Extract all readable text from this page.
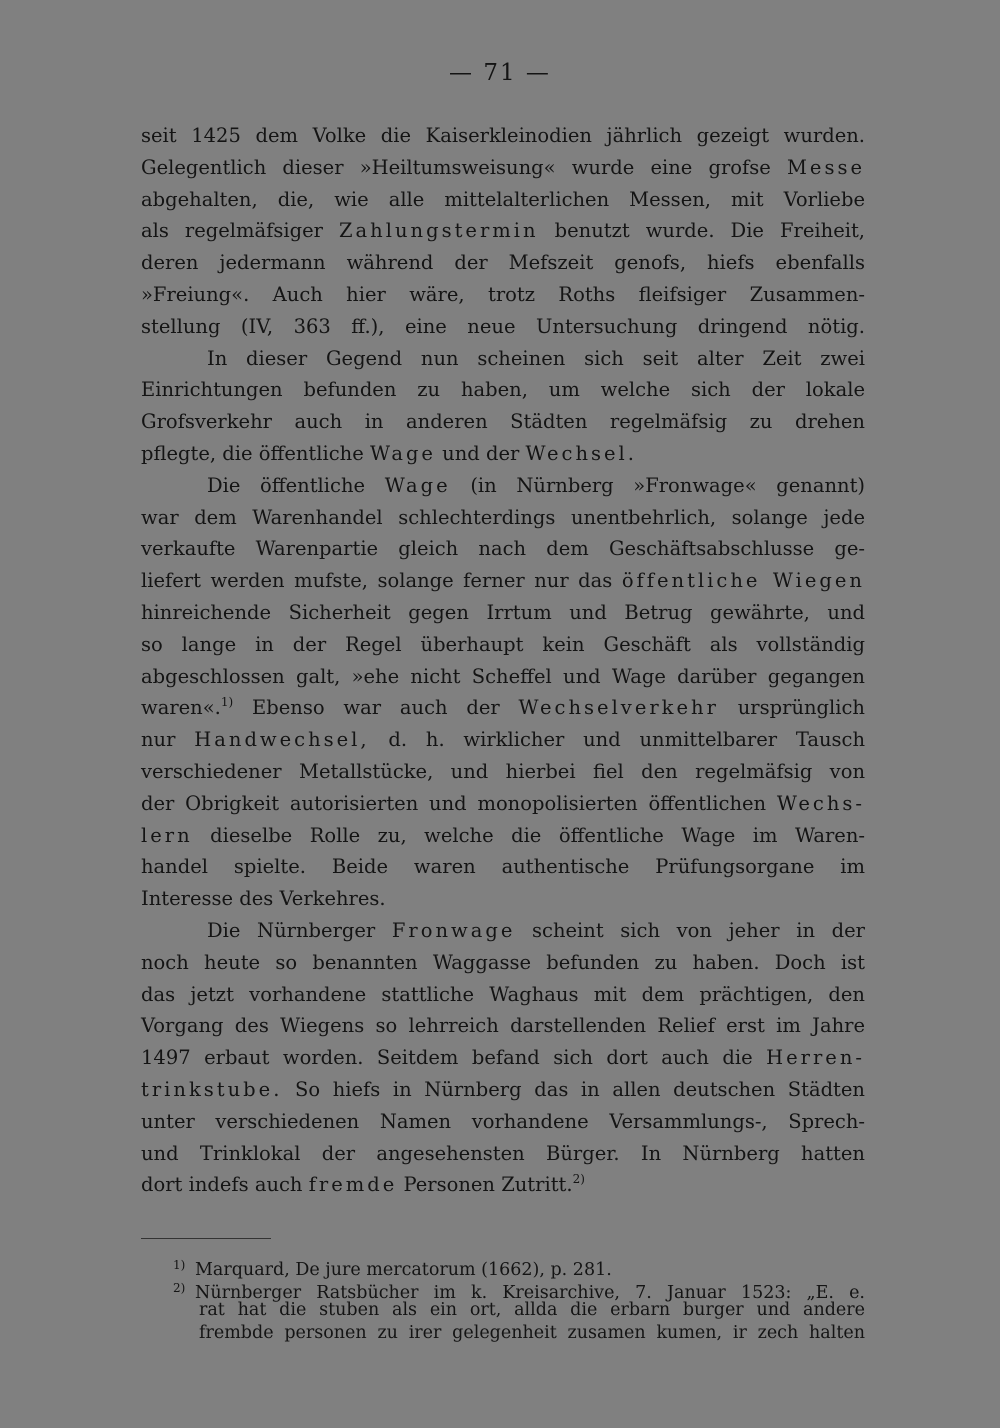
— 71 —
seit 1425 dem Volke die Kaiserkleinodien jährlich gezeigt wurden.
Gelegentlich dieser »Heiltumsweisung« wurde eine grofse Messe
abgehalten, die, wie alle mittelalterlichen Messen, mit Vorliebe
als regelmäfsiger Zahlungstermin benutzt wurde. Die Freiheit,
deren jedermann während der Mefszeit genofs, hiefs ebenfalls
»Freiung«. Auch hier wäre, trotz Roths fleifsiger Zusammen-
stellung (IV, 363 ff.), eine neue Untersuchung dringend nötig.
In dieser Gegend nun scheinen sich seit alter Zeit zwei
Einrichtungen befunden zu haben, um welche sich der lokale
Grofsverkehr auch in anderen Städten regelmäfsig zu drehen
pflegte, die öffentliche Wage und der Wechsel.
Die öffentliche Wage (in Nürnberg »Fronwage« genannt)
war dem Warenhandel schlechterdings unentbehrlich, solange jede
verkaufte Warenpartie gleich nach dem Geschäftsabschlusse ge-
liefert werden mufste, solange ferner nur das öffentliche Wiegen
hinreichende Sicherheit gegen Irrtum und Betrug gewährte, und
so lange in der Regel überhaupt kein Geschäft als vollständig
abgeschlossen galt, »ehe nicht Scheffel und Wage darüber gegangen
waren«.$^{1)}$ Ebenso war auch der Wechselverkehr ursprünglich
nur Handwechsel, d. h. wirklicher und unmittelbarer Tausch
verschiedener Metallstücke, und hierbei fiel den regelmäfsig von
der Obrigkeit autorisierten und monopolisierten öffentlichen Wechs-
lern dieselbe Rolle zu, welche die öffentliche Wage im Waren-
handel spielte. Beide waren authentische Prüfungsorgane im
Interesse des Verkehres.
Die Nürnberger Fronwage scheint sich von jeher in der
noch heute so benannten Waggasse befunden zu haben. Doch ist
das jetzt vorhandene stattliche Waghaus mit dem prächtigen, den
Vorgang des Wiegens so lehrreich darstellenden Relief erst im Jahre
1497 erbaut worden. Seitdem befand sich dort auch die Herren-
trinkstube. So hiefs in Nürnberg das in allen deutschen Städten
unter verschiedenen Namen vorhandene Versammlungs-, Sprech-
und Trinklokal der angesehensten Bürger. In Nürnberg hatten
dort indefs auch fremde Personen Zutritt.$^{2)}$
1) Marquard, De jure mercatorum (1662), p. 281.
2) Nürnberger Ratsbücher im k. Kreisarchive, 7. Januar 1523: „E. e.
rat hat die stuben als ein ort, allda die erbarn burger und andere
frembde personen zu irer gelegenheit zusamen kumen, ir zech halten
